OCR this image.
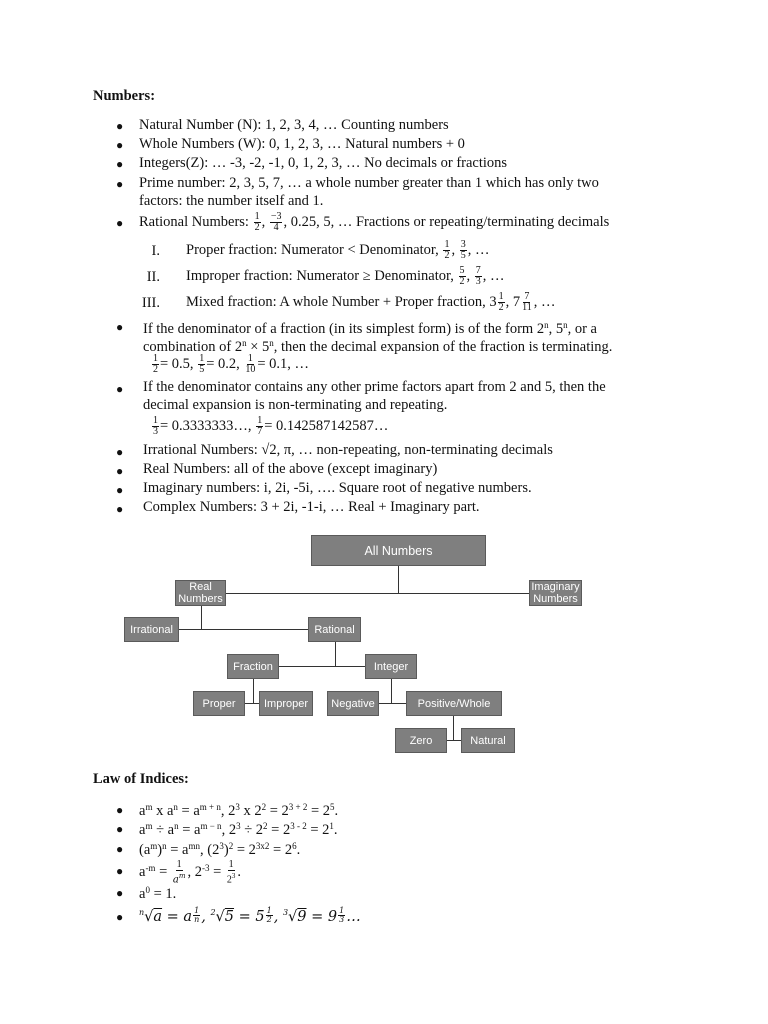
Numbers:
● Natural Number (N): 1, 2, 3, 4, … Counting numbers
● Whole Numbers (W): 0, 1, 2, 3, … Natural numbers + 0
● Integers(Z): … -3, -2, -1, 0, 1, 2, 3, … No decimals or fractions
● Prime number: 2, 3, 5, 7, … a whole number greater than 1 which has only two
factors: the number itself and 1.
● Rational Numbers: $\frac{1}{2}$ , $\frac{-3}{4}$ , 0.25, 5, … Fractions or repeating/terminating decimals
I. Proper fraction: Numerator < Denominator, $\frac{1}{2}$ , $\frac{3}{5}$ , …
II. Improper fraction: Numerator ≥ Denominator, $\frac{5}{2}$ , $\frac{7}{3}$ , …
III. Mixed fraction: A whole Number + Proper fraction, $3 \frac{1}{2}$ , $7 \frac{7}{11}$ , …
● If the denominator of a fraction (in its simplest form) is of the form 2$^n$, 5$^n$, or a
combination of $2^n \times 5^n$, then the decimal expansion of the fraction is terminating.
$\frac{1}{2} = 0.5$, $\frac{1}{5} = 0.2$, $\frac{1}{10} = 0.1$, …
● If the denominator contains any other prime factors apart from 2 and 5, then the
decimal expansion is non-terminating and repeating.
$\frac{1}{3}$ = 0.3333333…, $\frac{1}{7}$ = 0.142587142587…
● Irrational Numbers: √2, π, … non-repeating, non-terminating decimals
● Real Numbers: all of the above (except imaginary)
● Imaginary numbers: i, 2i, -5i, …. Square root of negative numbers.
● Complex Numbers: 3 + 2i, -1-i, … Real + Imaginary part.
All Numbers
Real Numbers
Imaginary Numbers
Irrational	Rational
Fraction	Integer
Proper	Improper	Negative	Positive/Whole
Zero	Natural
Law of Indices:
● $a^m$ x $a^n = a^{m + n}$, $2^3$ x $2^2 = 2^{3 + 2} = 2^5$.
● $a^m \div a^n = a^{m - n}$, $2^3 \div 2^2 = 2^{3 - 2} = 2^1$.
● $(a^m)^n = a^{mn}$, $(2^3)^2 = 2^{3x2} = 2^6$.
● $a^{-m} = \frac{1}{a^m}$ , $2^{-3} = \frac{1}{2^3}$ .
● $a^0 = 1$.
● $^n$√a = a $\frac{1}{n}$ , $^2√5 = 5 \frac{1}{2}$ , $^3√9 = 9 \frac{1}{3}$ …
